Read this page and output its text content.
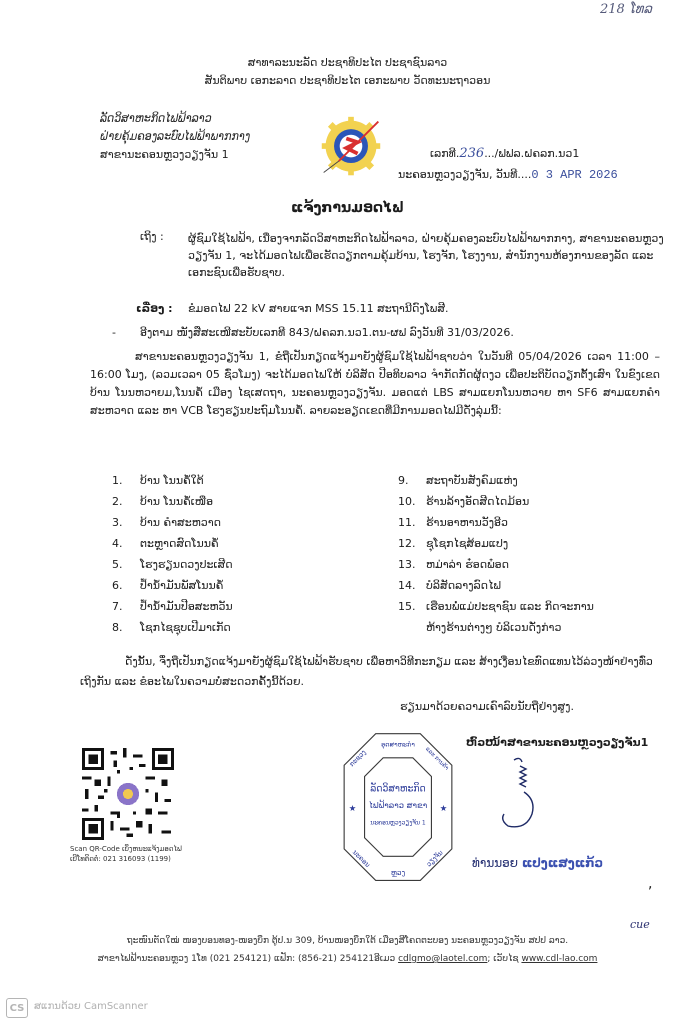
218 ໂທລ
ສາທາລະນະລັດ ປະຊາທິປະໄຕ ປະຊາຊົນລາວ
ສັນຕິພາບ ເອກະລາດ ປະຊາທິປະໄຕ ເອກະພາບ ວັດທະນະຖາວອນ
ລັດວິສາຫະກິດໄຟຟ້າລາວ
ຝ່າຍຄຸ້ມຄອງລະບົບໄຟຟ້າພາກກາງ
ສາຂານະຄອນຫຼວງວຽງຈັນ 1	ເລກທີ.236.../ຟຟລ.ຝຄລກ.ນວ1
ນະຄອນຫຼວງວຽງຈັນ, ວັນທີ....0 3 APR 2026
ແຈ້ງການມອດໄຟ
ເຖິງ : ຜູ້ຊົມໃຊ້ໄຟຟ້າ, ເນື່ອງຈາກລັດວິສາຫະກິດໄຟຟ້າລາວ, ຝ່າຍຄຸ້ມຄອງລະບົບໄຟຟ້າພາກກາງ, ສາຂານະຄອນຫຼວງວຽງຈັນ 1, ຈະໄດ້ມອດໄຟເພື່ອເຮັດວຽກຕາມຄຸ້ມບ້ານ, ໂຮງຈັກ, ໂຮງງານ, ສຳນັກງານຫ້ອງການຂອງລັດ ແລະ ເອກະຊົນເພື່ອຮັບຊາບ.
ເລື່ອງ : ຂໍມອດໄຟ 22 kV ສາຍແຈກ MSS 15.11 ສະຖານີດົງໂພສີ.
- ອີງຕາມ ໜັງສືສະເໜີສະບັບເລກທີ 843/ຝຄລກ.ນວ1.ຕນ-ຜຟ ລົງວັນທີ 31/03/2026.
ສາຂານະຄອນຫຼວງວຽງຈັນ 1, ຂໍຖືເປັນກຽດແຈ້ງມາຍັງຜູ້ຊົມໃຊ້ໄຟຟ້າຊາບວ່າ ໃນວັນທີ 05/04/2026 ເວລາ 11:00 – 16:00 ໂມງ, (ລວມເວລາ 05 ຊົ່ວໂມງ) ຈະໄດ້ມອດໄຟໃຫ້ ບໍລິສັດ ປີອທິບລາວ ຈຳກັດກັດຜູ້ດງວ ເພື່ອປະຕິບັດວຽກຕັ້ງເສົາ ໃນຂົງເຂດ ບ້ານ ໂນນຫວາຍມ,ໂນນຄໍ້ ເມືອງ ໄຊເສດຖາ, ນະຄອນຫຼວງວຽງຈັນ. ມອດແຕ່ LBS ສາມແຍກໂນນຫວາຍ ຫາ SF6 ສາມແຍກຄຳສະຫວາດ ແລະ ຫາ VCB ໂຮງຮຽນປະຖົມໂນນຄໍ້. ລາຍລະອຽດເຂດທີ່ມີການມອດໄຟມີດັ່ງລຸ່ມນີ້:
1.	ບ້ານ ໂນນຄໍ້ໃຕ້
2.	ບ້ານ ໂນນຄໍ້ເໜືອ
3.	ບ້ານ ຄຳສະຫວາດ
4.	ຕະຫຼາດສົດໂນນຄໍ້
5.	ໂຮງຮຽນດວງປະເສີດ
6.	ປໍ້ານໍ້າມັນພັສໂນນຄໍ້
7.	ປໍ້ານໍ້າມັນປີອສະຫວັນ
8.	ໂຊກໄຊຊຸບເປີມາເກັດ
9.	ສະຖາບັນສັງຄົມແຫ່ງ
10. ຮ້ານລ້າງອັດສີດໄດມ້ອນ
11. ຮ້ານອາຫານວັງອີວ
12. ຊຸໂຊກໄຊສ້ອມແປງ
13. ຫມ່າລ່າ ຮ໋ອດພ໋ອດ
14. ບໍລິສັດລາງລົດໄຟ
15. ເຮືອນພໍ່ແມ່ປະຊາຊົນ ແລະ ກິດຈະການ
ຫ້າງຮ້ານຕ່າງໆ ບໍລິເວນດັ່ງກ່າວ
ດັ່ງນັ້ນ, ຈຶ່ງຖືເປັນກຽດແຈ້ງມາຍັງຜູ້ຊົມໃຊ້ໄຟຟ້າຮັບຊາບ ເພື່ອຫາວິທີກະກຽມ ແລະ ສ້າງເງື່ອນໄຂທົດແທນໄວ້ລ່ວງໜ້າຢ່າງທົ່ວເຖິງກັນ ແລະ ຂໍອະໄພໃນຄວາມບໍ່ສະດວກຄັ້ງນີ້ດ້ວຍ.
ຮຽນມາດ້ວຍຄວາມເຄົາລົບນັບຖືຢ່າງສູງ.
Scan QR-Code ເບິ່ງຫນະແຈ້ງມອດໄຟ
ເບີໂທຕິດຕໍ່: 021 316093 (1199)
ອຸດສາຫະກຳ
ກະຊວງ	ແລະ ການຄ້າ
ນະຄອນ
ຫຼວງ
ວຽງຈັນ
ລັດວິສາຫະກິດ
ໄຟຟ້າລາວ ສາຂາ
ນະຄອນຫຼວງວຽງຈັນ 1
★	★
ຫົວໜ້າສາຂານະຄອນຫຼວງວຽງຈັນ1
ທ່ານນອຍ ແປງແສງແກ້ວ
,
ຖະໜົນຕັດໃໝ່ ໜອງບອນທອງ-ໜອງບຶກ ຕູ້ປ.ນ 309, ບ້ານໜອງບຶກໃຕ້ ເມືອງສີໂຄດຕະບອງ ນະຄອນຫຼວງວຽງຈັນ ສປປ ລາວ.
ສາຂາໄຟຟ້ານະຄອນຫຼວງ 1ໂທ (021 254121) ແຟັກ: (856-21) 254121ອີເມວ cdlgmo@laotel.com; ເວັບໄຊ www.cdl-lao.com
cue
CS ສແກນດ້ວຍ CamScanner
